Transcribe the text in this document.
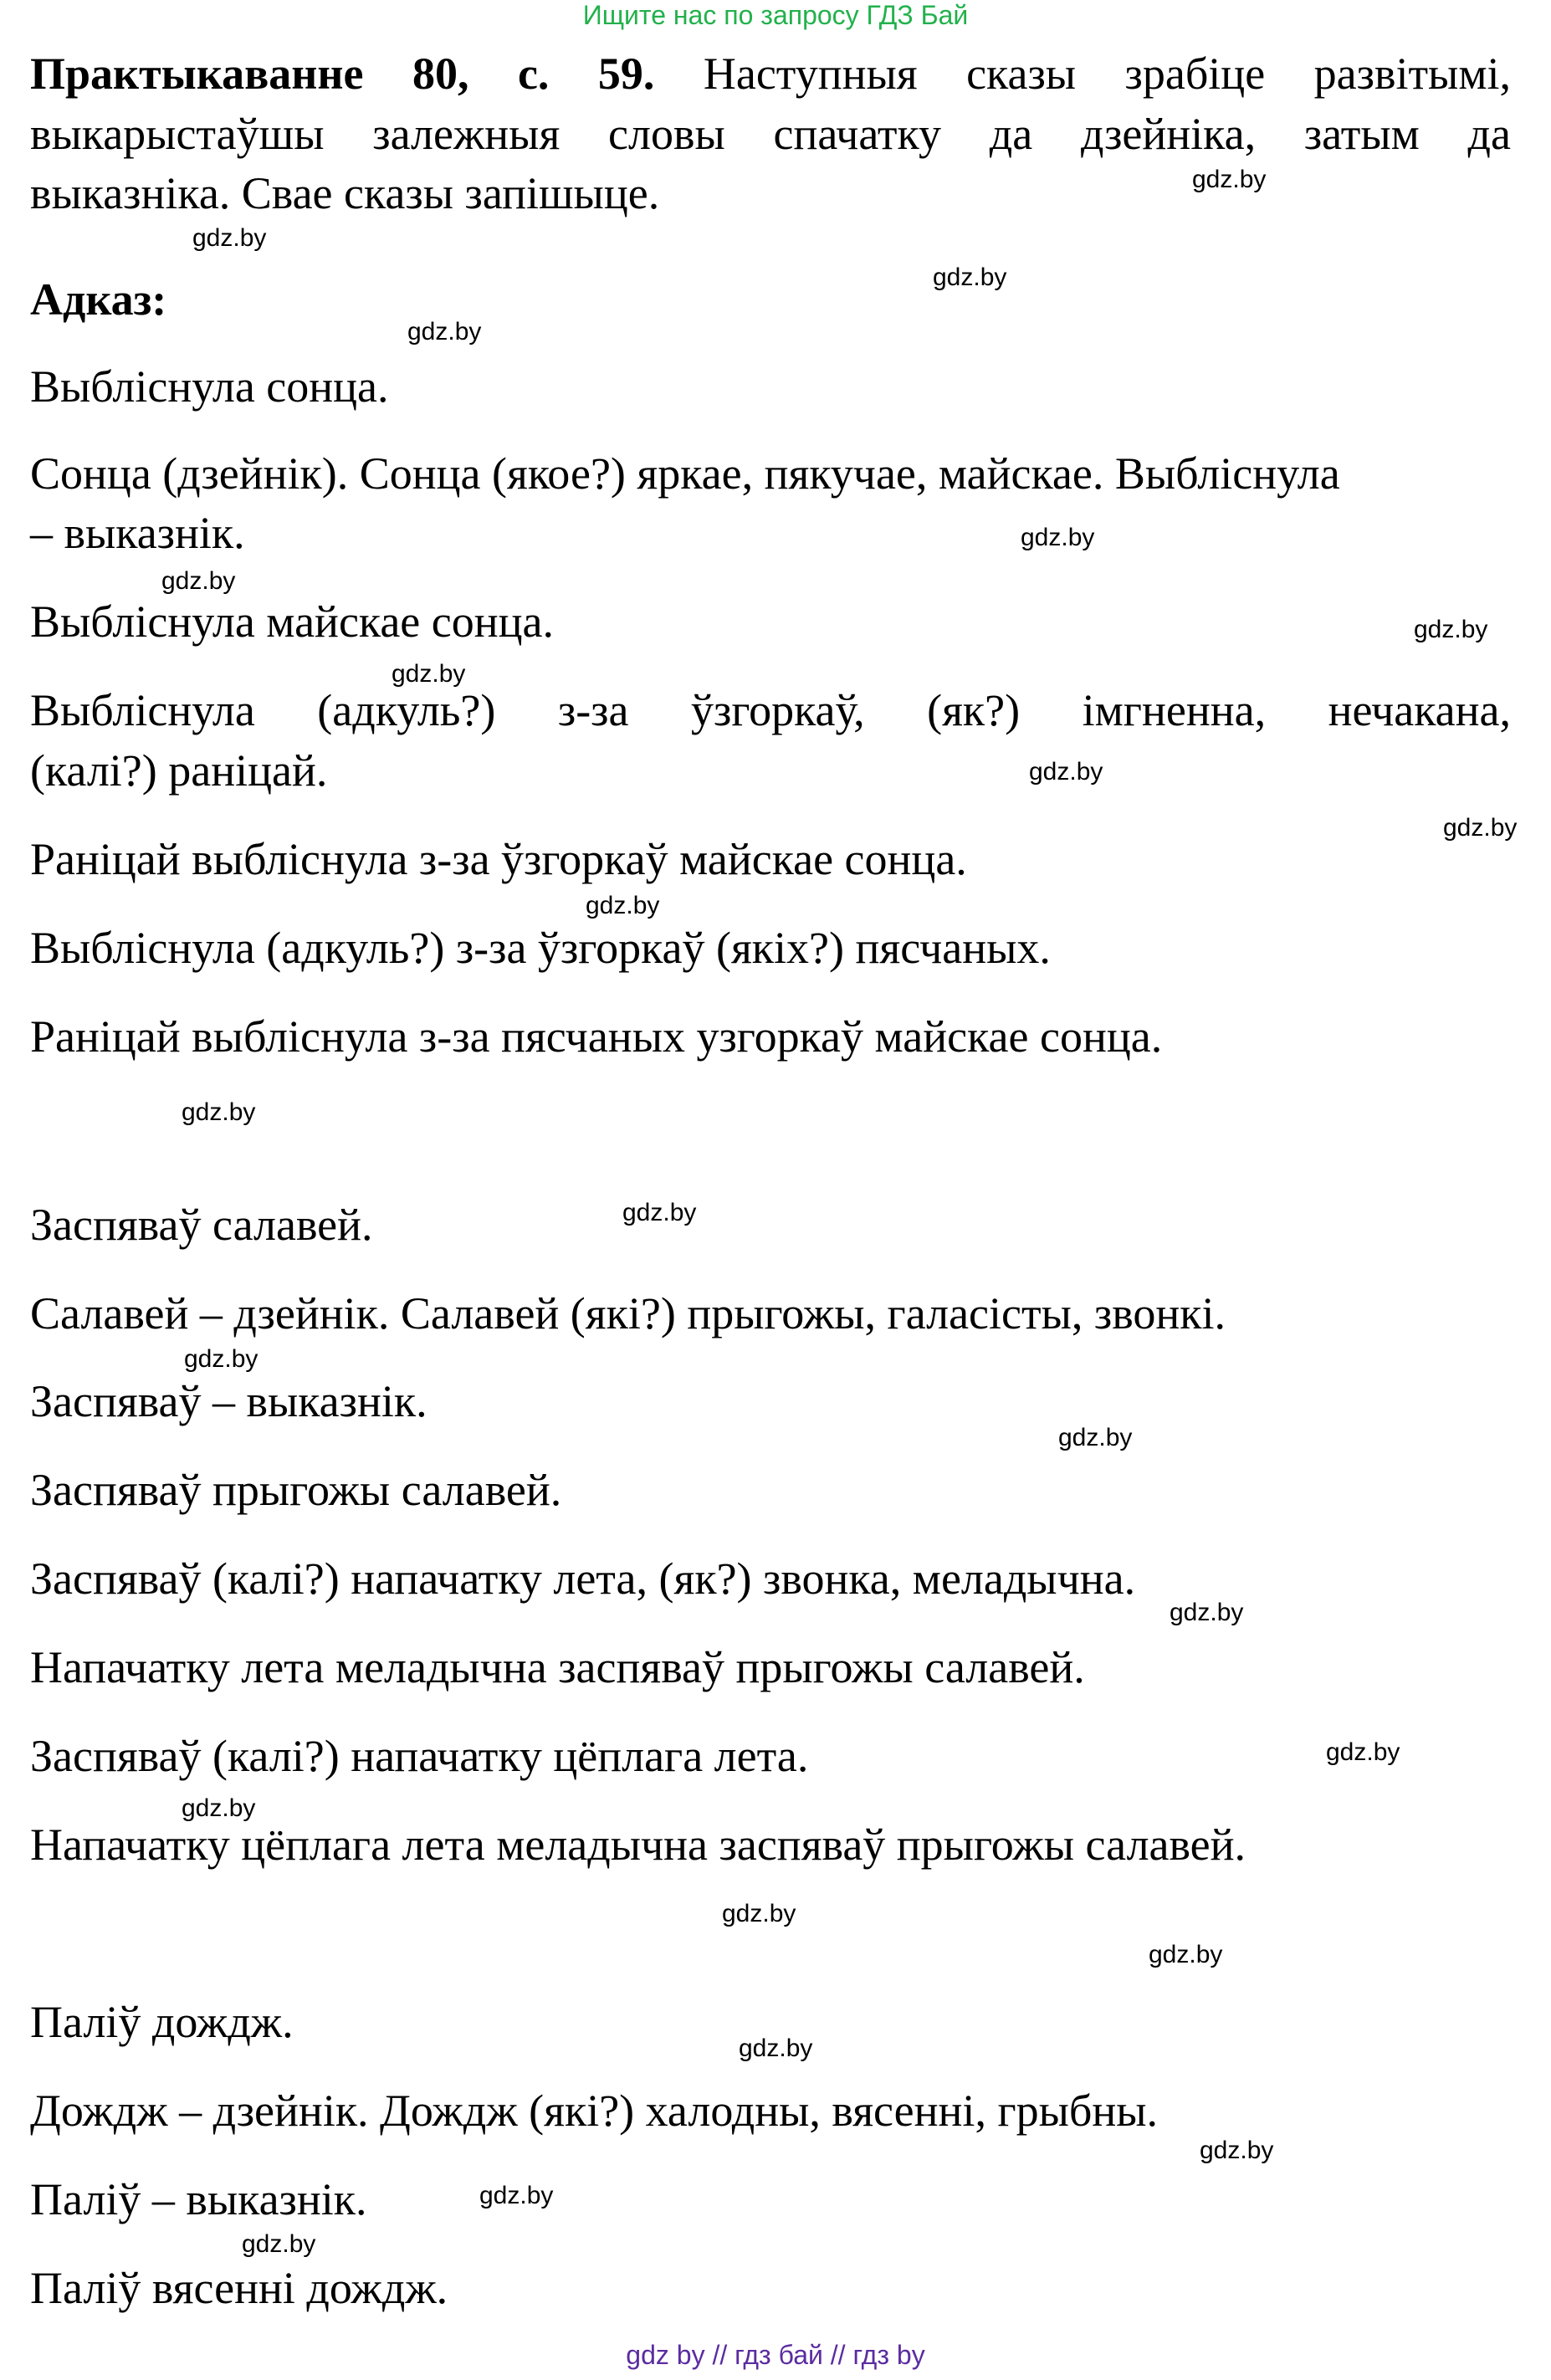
Ищите нас по запросу ГДЗ Бай
Практыкаванне 80, с. 59. Наступныя сказы зрабіце развітымі,
выкарыстаўшы залежныя словы спачатку да дзейніка, затым да
выказніка. Свае сказы запішыце.
Адказ:
Выбліснула сонца.
Сонца (дзейнік). Сонца (якое?) яркае, пякучае, майскае. Выбліснула
– выказнік.
Выбліснула майскае сонца.
Выбліснула (адкуль?) з-за ўзгоркаў, (як?) імгненна, нечакана,
(калі?) раніцай.
Раніцай выбліснула з-за ўзгоркаў майскае сонца.
Выбліснула (адкуль?) з-за ўзгоркаў (якіх?) пясчаных.
Раніцай выбліснула з-за пясчаных узгоркаў майскае сонца.
Заспяваў салавей.
Салавей – дзейнік. Салавей (які?) прыгожы, галасісты, звонкі.
Заспяваў – выказнік.
Заспяваў прыгожы салавей.
Заспяваў (калі?) напачатку лета, (як?) звонка, меладычна.
Напачатку лета меладычна заспяваў прыгожы салавей.
Заспяваў (калі?) напачатку цёплага лета.
Напачатку цёплага лета меладычна заспяваў прыгожы салавей.
Паліў дождж.
Дождж – дзейнік. Дождж (які?) халодны, вясенні, грыбны.
Паліў – выказнік.
Паліў вясенні дождж.
gdz.by
gdz.by
gdz.by
gdz.by
gdz.by
gdz.by
gdz.by
gdz.by
gdz.by
gdz.by
gdz.by
gdz.by
gdz.by
gdz.by
gdz.by
gdz.by
gdz.by
gdz.by
gdz.by
gdz.by
gdz.by
gdz.by
gdz.by
gdz.by
gdz by // гдз бай // гдз by
